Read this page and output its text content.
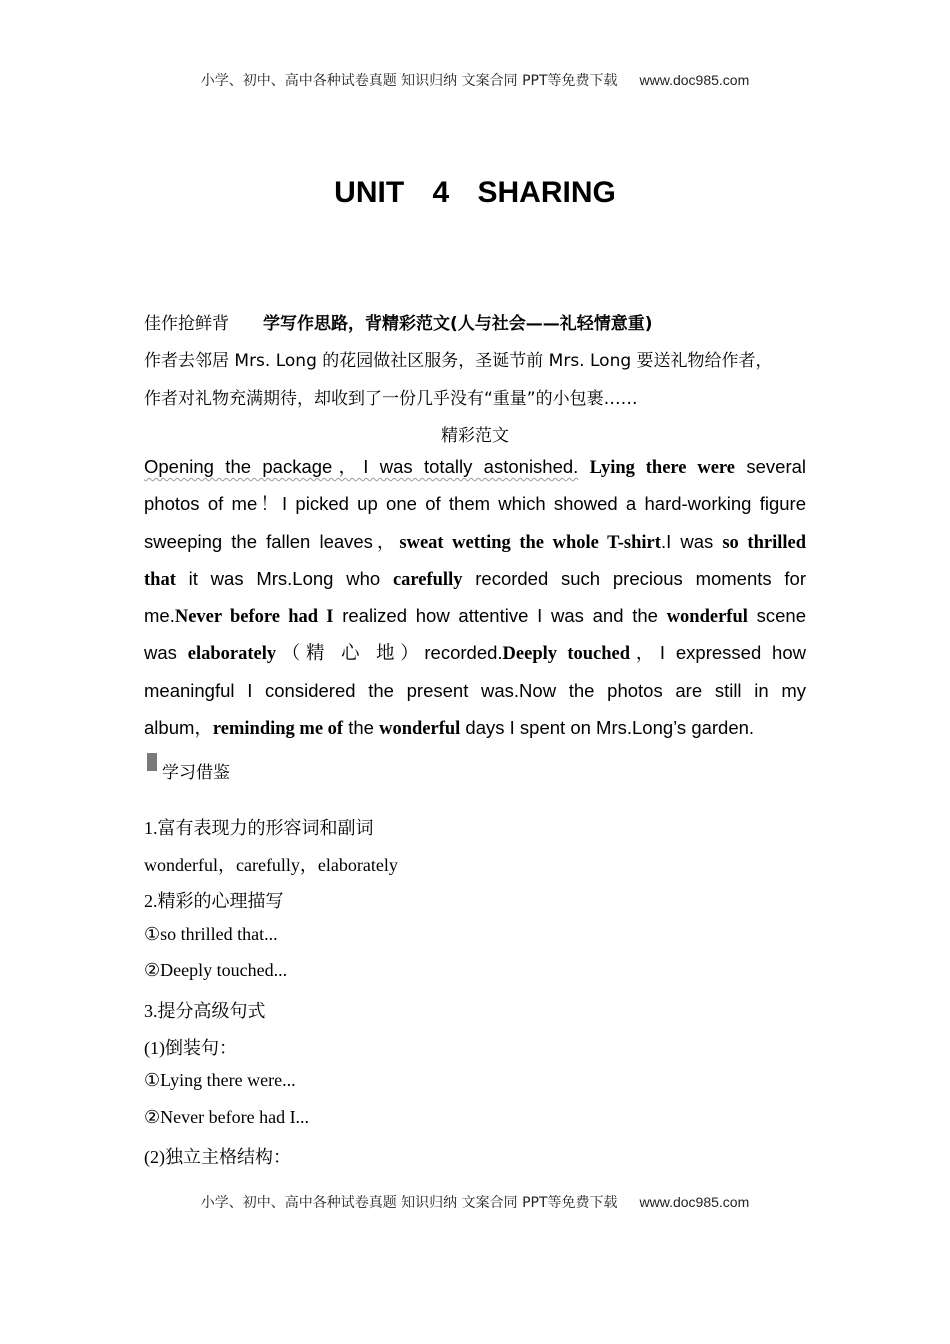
小学、初中、高中各种试卷真题 知识归纳 文案合同 PPT等免费下载 www.doc985.com
UNIT 4 SHARING
佳作抢鲜背 学写作思路，背精彩范文(人与社会——礼轻情意重)
作者去邻居 Mrs. Long 的花园做社区服务，圣诞节前 Mrs. Long 要送礼物给作者，
作者对礼物充满期待，却收到了一份几乎没有“重量”的小包裹……
精彩范文
Opening the package，I was totally astonished. Lying there were several
photos of me！I picked up one of them which showed a hard-working figure
sweeping the fallen leaves，sweat wetting the whole T-shirt.I was so thrilled
that it was Mrs.Long who carefully recorded such precious moments for
me.Never before had I realized how attentive I was and the wonderful scene
was elaborately（精 心 地）recorded.Deeply touched，I expressed how
meaningful I considered the present was.Now the photos are still in my
album，reminding me of the wonderful days I spent on Mrs.Long’s garden.
学习借鉴
1.富有表现力的形容词和副词
wonderful，carefully，elaborately
2.精彩的心理描写
①so thrilled that...
②Deeply touched...
3.提分高级句式
(1)倒装句：
①Lying there were...
②Never before had I...
(2)独立主格结构：
小学、初中、高中各种试卷真题 知识归纳 文案合同 PPT等免费下载 www.doc985.com
